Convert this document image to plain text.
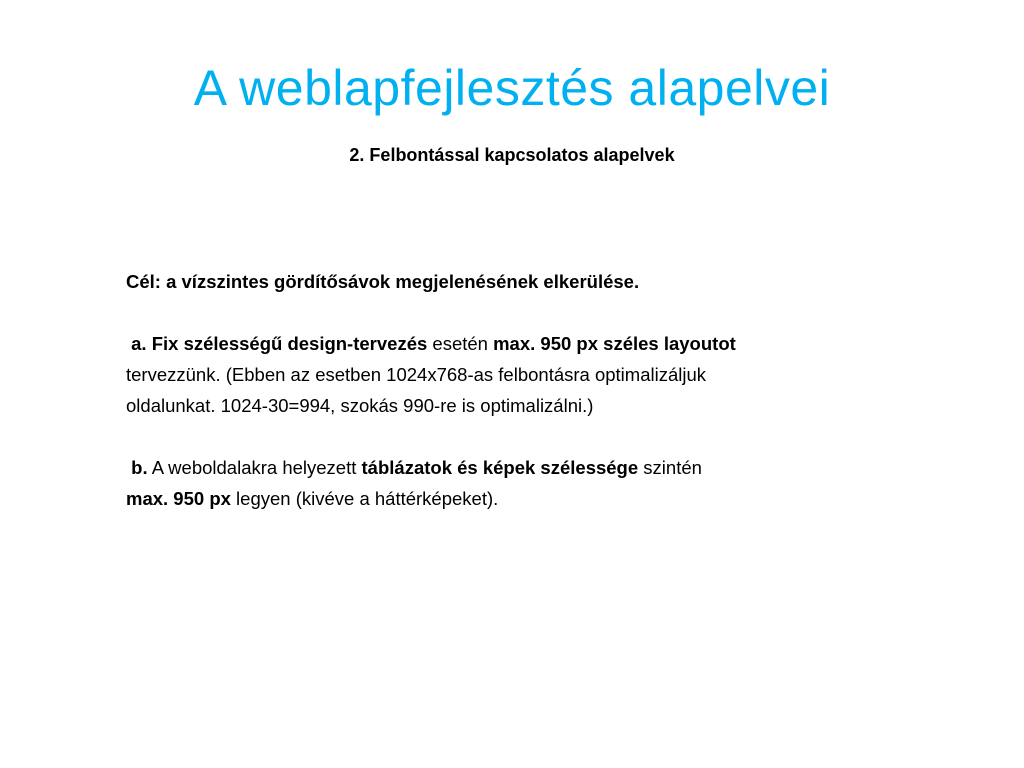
A weblapfejlesztés alapelvei
2. Felbontással kapcsolatos alapelvek

Cél: a vízszintes gördítősávok megjelenésének elkerülése.

a. Fix szélességű design-tervezés esetén max. 950 px széles layoutot

tervezzünk. (Ebben az esetben 1024x768-as felbontásra optimalizáljuk

oldalunkat. 1024-30=994, szokás 990-re is optimalizálni.)

b. A weboldalakra helyezett táblázatok és képek szélessége szintén

max. 950 px legyen (kivéve a háttérképeket).
